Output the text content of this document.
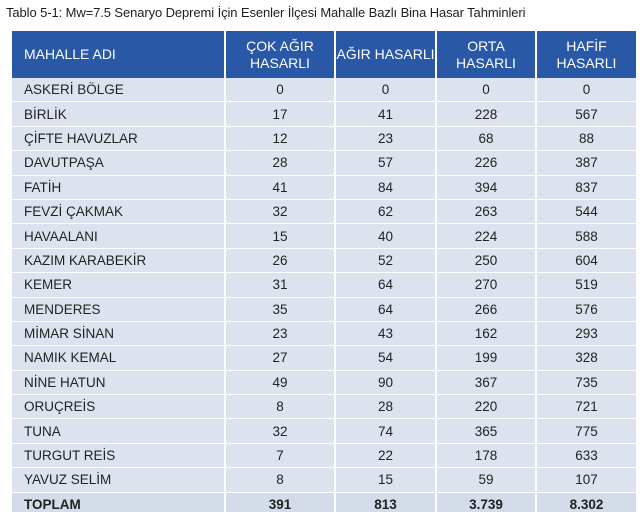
Tablo 5-1: Mw=7.5 Senaryo Depremi İçin Esenler İlçesi Mahalle Bazlı Bina Hasar Tahminleri
MAHALLE ADI	ÇOK AĞIR HASARLI	AĞIR HASARLI	ORTA HASARLI	HAFİF HASARLI
ASKERİ BÖLGE	0	0	0	0
BİRLİK	17	41	228	567
ÇİFTE HAVUZLAR	12	23	68	88
DAVUTPAŞA	28	57	226	387
FATİH	41	84	394	837
FEVZİ ÇAKMAK	32	62	263	544
HAVAALANI	15	40	224	588
KAZIM KARABEKİR	26	52	250	604
KEMER	31	64	270	519
MENDERES	35	64	266	576
MİMAR SİNAN	23	43	162	293
NAMIK KEMAL	27	54	199	328
NİNE HATUN	49	90	367	735
ORUÇREİS	8	28	220	721
TUNA	32	74	365	775
TURGUT REİS	7	22	178	633
YAVUZ SELİM	8	15	59	107
TOPLAM	391	813	3.739	8.302
